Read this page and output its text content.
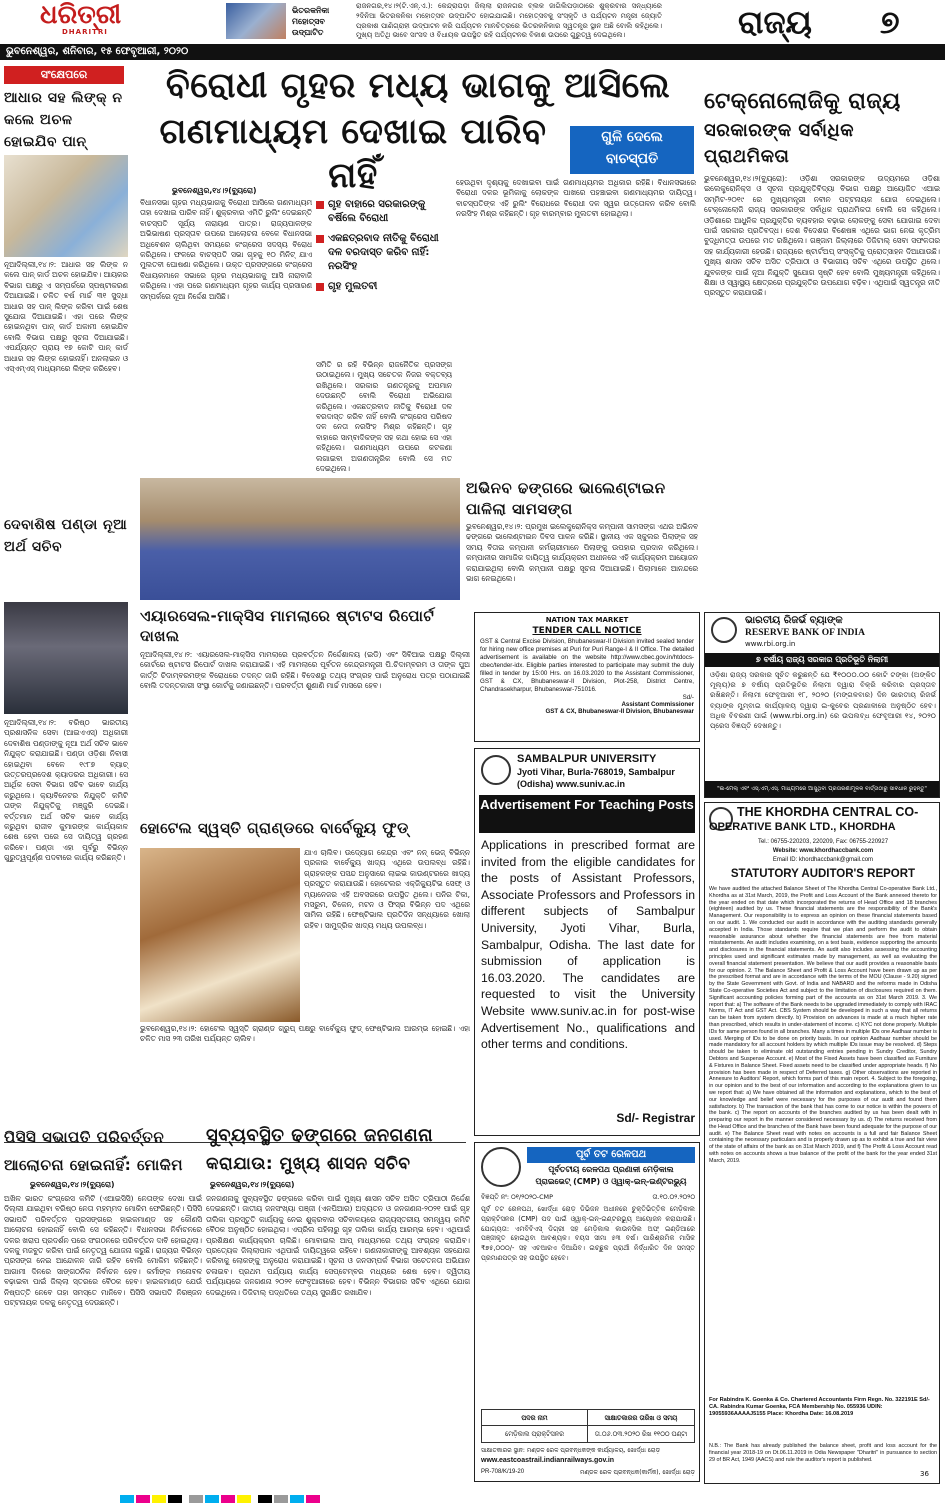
ଧରିତ୍ରୀ
DHARITRI
ଭିତରକନିକା ମହୋତ୍ସବ ଉଦ୍‌ଘାଟିତ
ରାଜନଗର,୧୪।୨(ଟି.ଏନ୍.ଏ.): କେନ୍ଦ୍ରାପଡ଼ା ଜିଲ୍ଲା ରାଜନଗର ବ୍ଲକ ଜାଗିଲିପଡ଼ାଠାରେ ଶୁକ୍ରବାର ସନ୍ଧ୍ୟାରେ ୨ଦିନିଆ ଭିତରକନିକା ମହୋତ୍ସବ ଉଦ୍‌ଘାଟିତ ହୋଇଯାଇଛି। ମହୋତ୍ସବକୁ ସଂସ୍କୃତି ଓ ପର୍ଯ୍ୟଟନ ମନ୍ତ୍ରୀ ଜ୍ୟୋତି ପ୍ରକାଶ ପାଣିଗ୍ରାହୀ ଉଦ୍‌ଘାଟନ କରି ପର୍ଯ୍ୟଟନ ମାନଚିତ୍ରରେ ଭିତରକନିକାର ସ୍ୱତନ୍ତ୍ର ସ୍ଥାନ ଅଛି ବୋଲି କହିଥିଲେ। ମୁଖ୍ୟ ଅତିଥି ଭାବେ ସାଂସଦ ଓ ବିଧାୟକ ଉପସ୍ଥିତ ରହି ପର୍ଯ୍ୟଟନର ବିକାଶ ଉପରେ ଗୁରୁତ୍ୱ ଦେଇଥିଲେ।	ରାଜ୍ୟ	୭
ଭୁବନେଶ୍ୱର, ଶନିବାର, ୧୫ ଫେବୃଆରୀ, ୨୦୨୦
ସଂକ୍ଷେପରେ
ଆଧାର ସହ ଲିଙ୍କ୍ ନ କଲେ ଅଚଳ ହୋଇଯିବ ପାନ୍
ନୂଆଦିଲ୍ଲୀ,୧୪।୨: ଆଧାର ସହ ଲିଙ୍କ ନ କଲେ ପାନ୍ କାର୍ଡ ଅଚଳ ହୋଇଯିବ। ଆୟକର ବିଭାଗ ପକ୍ଷରୁ ଏ ସମ୍ପର୍କରେ ସ୍ପଷ୍ଟୀକରଣ ଦିଆଯାଇଛି। ଚଳିତ ବର୍ଷ ମାର୍ଚ୍ଚ ୩୧ ସୁଦ୍ଧା ଆଧାର ସହ ପାନ୍ ଲିଙ୍କ କରିବା ପାଇଁ ଶେଷ ସୁଯୋଗ ଦିଆଯାଇଛି। ଏହା ପରେ ଲିଙ୍କ ହୋଇନଥିବା ପାନ୍ କାର୍ଡ ଅକାମୀ ହୋଇଯିବ ବୋଲି ବିଭାଗ ପକ୍ଷରୁ ସୂଚନା ଦିଆଯାଇଛି। ଏପର୍ଯ୍ୟନ୍ତ ପ୍ରାୟ ୧୭ କୋଟି ପାନ୍ କାର୍ଡ ଆଧାର ସହ ଲିଙ୍କ ହୋଇନାହିଁ। ଅନଲାଇନ ଓ ଏସ୍ଏମ୍ଏସ୍ ମାଧ୍ୟମରେ ଲିଙ୍କ କରିହେବ।
ଦେବାଶିଷ ପଣ୍ଡା ନୂଆ ଅର୍ଥ ସଚିବ
ନୂଆଦିଲ୍ଲୀ,୧୪।୨: ବରିଷ୍ଠ ଭାରତୀୟ ପ୍ରଶାସନିକ ସେବା (ଆଇଏଏସ୍) ଅଧିକାରୀ ଦେବାଶିଷ ପଣ୍ଡାଙ୍କୁ ନୂଆ ଅର୍ଥ ସଚିବ ଭାବେ ନିଯୁକ୍ତ କରାଯାଇଛି। ପଣ୍ଡା ଓଡ଼ିଶା ନିବାସୀ ହୋଇଥିବା ବେଳେ ୧୯୮୭ ବ୍ୟାଚ୍ ଉତ୍ତରପ୍ରଦେଶ କ୍ୟାଡରର ଅଧିକାରୀ। ସେ ଆର୍ଥିକ ସେବା ବିଭାଗ ସଚିବ ଭାବେ କାର୍ଯ୍ୟ କରୁଥିଲେ। କ୍ୟାବିନେଟର ନିଯୁକ୍ତି କମିଟି ତାଙ୍କ ନିଯୁକ୍ତିକୁ ମଞ୍ଜୁରି ଦେଇଛି। ବର୍ତ୍ତମାନ ଅର୍ଥ ସଚିବ ଭାବେ କାର୍ଯ୍ୟ କରୁଥିବା ରାଜୀବ କୁମାରଙ୍କ କାର୍ଯ୍ୟକାଳ ଶେଷ ହେବା ପରେ ସେ ଦାୟିତ୍ୱ ଗ୍ରହଣ କରିବେ। ପଣ୍ଡା ଏହା ପୂର୍ବରୁ ବିଭିନ୍ନ ଗୁରୁତ୍ୱପୂର୍ଣ୍ଣ ପଦବୀରେ କାର୍ଯ୍ୟ କରିଛନ୍ତି।
ବିରୋଧୀ ଗୃହର ମଧ୍ୟ ଭାଗକୁ ଆସିଲେ
ଗଣମାଧ୍ୟମ ଦେଖାଇ ପାରିବ ନାହିଁ
ଗୁଳି ଦେଲେ
ବାଚସ୍ପତି
ଭୁବନେଶ୍ୱର,୧୪।୨(ବ୍ୟୁରୋ)
ବିଧାନସଭା ଗୃହର ମଧ୍ୟଭାଗକୁ ବିରୋଧୀ ଆସିଲେ ଗଣମାଧ୍ୟମ ତାହା ଦେଖାଇ ପାରିବ ନାହିଁ। ଶୁକ୍ରବାର ଏମିତି ରୁଲିଂ ଦେଇଛନ୍ତି ବାଚସ୍ପତି ସୂର୍ଯ୍ୟ ନାରାୟଣ ପାତ୍ର। ରାଜ୍ୟପାଳଙ୍କ ଅଭିଭାଷଣ ପ୍ରସ୍ତାବ ଉପରେ ଆଲୋଚନା ବେଳେ ବିଧାନସଭା ଅଧିବେଶନ ଚାଲିଥିବା ସମୟରେ କଂଗ୍ରେସ ସଦସ୍ୟ ବିରୋଧ କରିଥିଲେ। ଫଳରେ ବାଚସ୍ପତି ସଭା ଗୃହକୁ ୧୦ ମିନିଟ୍ ଯାଏ ମୁଲତବୀ ଘୋଷଣା କରିଥିଲେ। ଉକ୍ତ ପ୍ରସଙ୍ଗରେ କଂଗ୍ରେସ ବିଧାୟକମାନେ ସଭାରେ ଗୃହର ମଧ୍ୟଭାଗକୁ ଆସି ନାରାବାଜି କରିଥିଲେ। ଏହା ପରେ ଗଣମାଧ୍ୟମ ଗୃହର କାର୍ଯ୍ୟ ପ୍ରସାରଣ ସମ୍ପର୍କରେ ନୂଆ ନିର୍ଦ୍ଦେଶ ଆସିଛି।
ଗୃହ ବାହାରେ ସରକାରଙ୍କୁ ବର୍ଷିଲେ ବିରୋଧୀ
ଏକଛତ୍ରବାଦ ନୀତିକୁ ବିରୋଧୀ ଦଳ ବରଦାସ୍ତ କରିବ ନାହିଁ: ନରସିଂହ
ଗୃହ ମୁଲତବୀ
ସମିତି ର ରହି ବିଭିନ୍ନ ରାଜନୈତିକ ପ୍ରସଙ୍ଗ ଉଠାଇଥିଲେ। ମୁଖ୍ୟ ସଚେତକ ନିଜର ବକ୍ତବ୍ୟ ରଖିଥିଲେ। ସରକାର ଗଣତନ୍ତ୍ରକୁ ଅପମାନ ଦେଉଛନ୍ତି ବୋଲି ବିରୋଧୀ ଅଭିଯୋଗ କରିଥିଲେ। ଏକଛତ୍ରବାଦ ନୀତିକୁ ବିରୋଧୀ ଦଳ ବରଦାସ୍ତ କରିବ ନାହିଁ ବୋଲି କଂଗ୍ରେସ ପରିଷଦ ଦଳ ନେତା ନରସିଂହ ମିଶ୍ର କହିଛନ୍ତି। ଗୃହ ବାହାରେ ସାମ୍ବାଦିକଙ୍କ ସହ କଥା ହୋଇ ସେ ଏହା କହିଥିଲେ। ଗଣମାଧ୍ୟମ ଉପରେ କଟକଣା ଲଗାଇବା ଅଗଣତାନ୍ତ୍ରିକ ବୋଲି ସେ ମତ ଦେଇଥିଲେ।
ହେଉଥିବା ଦୃଶ୍ୟକୁ ଦେଖାଇବା ପାଇଁ ଗଣମାଧ୍ୟମର ଅଧିକାର ରହିଛି। ବିଧାନସଭାରେ ବିରୋଧୀ ଦଳର ଭୂମିକାକୁ ଲୋକଙ୍କ ପାଖରେ ପହଞ୍ଚାଇବା ଗଣମାଧ୍ୟମର ଦାୟିତ୍ୱ। ବାଚସ୍ପତିଙ୍କ ଏହି ରୁଲିଂ ବିରୋଧରେ ବିରୋଧୀ ଦଳ ସ୍ୱର ଉତ୍ତୋଳନ କରିବ ବୋଲି ନରସିଂହ ମିଶ୍ର କହିଛନ୍ତି। ଗୃହ ବାରମ୍ବାର ମୁଲତବୀ ହୋଇଥିଲା।
ଅଭିନବ ଢଙ୍ଗରେ ଭାଲେଣ୍ଟାଇନ ପାଳିଲା ସାମସଙ୍ଗ
ଭୁବନେଶ୍ୱର,୧୪।୨: ପ୍ରମୁଖ ଇଲେକ୍ଟ୍ରୋନିକ୍ସ କମ୍ପାନୀ ସାମସଙ୍ଗ ଏଥର ଅଭିନବ ଢଙ୍ଗରେ ଭାଲେଣ୍ଟାଇନ ଦିବସ ପାଳନ କରିଛି। ସ୍ଥାନୀୟ ଏକ ସ୍କୁଲର ପିଲାଙ୍କ ସହ ସମୟ ବିତାଇ କମ୍ପାନୀ କର୍ମଚାରୀମାନେ ପିଲାଙ୍କୁ ଉପହାର ପ୍ରଦାନ କରିଥିଲେ। କମ୍ପାନୀର ସାମାଜିକ ଦାୟିତ୍ୱ କାର୍ଯ୍ୟକ୍ରମ ଅଧୀନରେ ଏହି କାର୍ଯ୍ୟକ୍ରମ ଆୟୋଜନ କରାଯାଇଥିଲା ବୋଲି କମ୍ପାନୀ ପକ୍ଷରୁ ସୂଚନା ଦିଆଯାଇଛି। ପିଲାମାନେ ଆନନ୍ଦରେ ଭାଗ ନେଇଥିଲେ।
ଟେକ୍ନୋଲୋଜିକୁ ରାଜ୍ୟ
ସରକାରଙ୍କ ସର୍ବାଧିକ ପ୍ରାଥମିକତା
ଭୁବନେଶ୍ୱର,୧୪।୨(ବ୍ୟୁରୋ): ଓଡ଼ିଶା ସରକାରଙ୍କ ଉଦ୍ୟମରେ ଓଡ଼ିଶା ଇଲେକ୍ଟ୍ରୋନିକ୍ସ ଓ ସୂଚନା ପ୍ରଯୁକ୍ତିବିଦ୍ୟା ବିଭାଗ ପକ୍ଷରୁ ଆୟୋଜିତ ଏଆଇ ସମ୍ମିଟ-୨୦୧୯ ରେ ମୁଖ୍ୟମନ୍ତ୍ରୀ ନବୀନ ପଟ୍ଟନାୟକ ଯୋଗ ଦେଇଥିଲେ। ଟେକ୍ନୋଲୋଜି ରାଜ୍ୟ ସରକାରଙ୍କ ସର୍ବାଧିକ ପ୍ରାଥମିକତା ବୋଲି ସେ କହିଥିଲେ। ଓଡ଼ିଶାରେ ଆଧୁନିକ ପ୍ରଯୁକ୍ତିର ବ୍ୟବହାର ବଢ଼ାଇ ଲୋକଙ୍କୁ ସେବା ଯୋଗାଇ ଦେବା ପାଇଁ ସରକାର ପ୍ରତିବଦ୍ଧ। ଦେଶ ବିଦେଶର ବିଶେଷଜ୍ଞ ଏଥିରେ ଭାଗ ନେଇ କୃତ୍ରିମ ବୁଦ୍ଧିମତ୍ତା ଉପରେ ମତ ରଖିଥିଲେ। ଗଞ୍ଜାମ ଜିଲ୍ଲାରେ ଡିଜିଟାଲ୍ ସେବା ସଫଳତାର ସହ କାର୍ଯ୍ୟକାରୀ ହେଉଛି। ରାଜ୍ୟରେ ଷ୍ଟାର୍ଟଅପ୍ ସଂସ୍କୃତିକୁ ପ୍ରୋତ୍ସାହନ ଦିଆଯାଉଛି। ମୁଖ୍ୟ ଶାସନ ସଚିବ ଅସିତ ତ୍ରିପାଠୀ ଓ ବିଭାଗୀୟ ସଚିବ ଏଥିରେ ଉପସ୍ଥିତ ଥିଲେ। ଯୁବକଙ୍କ ପାଇଁ ନୂଆ ନିଯୁକ୍ତି ସୁଯୋଗ ସୃଷ୍ଟି ହେବ ବୋଲି ମୁଖ୍ୟମନ୍ତ୍ରୀ କହିଥିଲେ। ଶିକ୍ଷା ଓ ସ୍ୱାସ୍ଥ୍ୟ କ୍ଷେତ୍ରରେ ପ୍ରଯୁକ୍ତିର ଉପଯୋଗ ବଢ଼ିବ। ଏଥିପାଇଁ ସ୍ୱତନ୍ତ୍ର ନୀତି ପ୍ରସ୍ତୁତ କରାଯାଉଛି।
ଏୟାରସେଲ-ମାକ୍ସିସ ମାମଲାରେ ଷ୍ଟାଟସ ରିପୋର୍ଟ ଦାଖଲ
ନୂଆଦିଲ୍ଲୀ,୧୪।୨: ଏୟାରସେଲ-ମାକ୍ସିସ ମାମଲାରେ ପ୍ରବର୍ତ୍ତନ ନିର୍ଦ୍ଦେଶାଳୟ (ଇଡି) ଏବଂ ସିବିଆଇ ପକ୍ଷରୁ ଦିଲ୍ଲୀ କୋର୍ଟରେ ଷ୍ଟାଟସ ରିପୋର୍ଟ ଦାଖଲ କରାଯାଇଛି। ଏହି ମାମଲାରେ ପୂର୍ବତନ କେନ୍ଦ୍ରମନ୍ତ୍ରୀ ପି.ଚିଦାମ୍ବରମ ଓ ତାଙ୍କ ପୁଅ କାର୍ତ୍ତି ଚିଦାମ୍ବରମଙ୍କ ବିରୋଧରେ ତଦନ୍ତ ଜାରି ରହିଛି। ବିଦେଶରୁ ତଥ୍ୟ ସଂଗ୍ରହ ପାଇଁ ଅନୁରୋଧ ପତ୍ର ପଠାଯାଇଛି ବୋଲି ତଦନ୍ତକାରୀ ସଂସ୍ଥା କୋର୍ଟକୁ ଜଣାଇଛନ୍ତି। ପରବର୍ତ୍ତୀ ଶୁଣାଣି ମାର୍ଚ୍ଚ ମାସରେ ହେବ।
NATION TAX MARKET
TENDER CALL NOTICE
GST & Central Excise Division, Bhubaneswar-II Division invited sealed tender for hiring new office premises at Puri for Puri Range-I & II Office. The detailed advertisement is available on the website http://www.cbec.gov.in/htdocs-cbec/tender-idx. Eligible parties interested to participate may submit the duly filled in tender by 15:00 Hrs. on 16.03.2020 to the Assistant Commissioner, GST & CX, Bhubaneswar-II Division, Plot-258, District Centre, Chandrasekharpur, Bhubaneswar-751016.
Sd/-
Assistant Commissioner
GST & CX, Bhubaneswar-II Division, Bhubaneswar
ଭାରତୀୟ ରିଜର୍ଭ ବ୍ୟାଙ୍କ
RESERVE BANK OF INDIA
www.rbi.org.in
୭ ବର୍ଷୀୟ ରାଜ୍ୟ ସରକାର ପ୍ରତିଭୂତି ନିଲାମୀ
ଓଡ଼ିଶା ରାଜ୍ୟ ସରକାର ସୂଚିତ କରୁଛନ୍ତି ଯେ ₹୧୦୦୦.୦୦ କୋଟି ଟଙ୍କା (ଅଙ୍କିତ ମୂଲ୍ୟ)ର ୭ ବର୍ଷୀୟ ପ୍ରତିଭୂତିର ନିଲାମୀ ଦ୍ୱାରା ବିକ୍ରି କରିବାର ପ୍ରସ୍ତାବ ରଖିଛନ୍ତି। ନିଲାମୀ ଫେବୃଆରୀ ୧୮, ୨୦୨୦ (ମଙ୍ଗଳବାର) ଦିନ ଭାରତୀୟ ରିଜର୍ଭ ବ୍ୟାଙ୍କ ମୁମ୍ବାଇ କାର୍ଯ୍ୟାଳୟ ଦ୍ୱାରା ଇ-କୁବେର ପ୍ରଣାଳୀରେ ଅନୁଷ୍ଠିତ ହେବ। ଅଧିକ ବିବରଣୀ ପାଇଁ (www.rbi.org.in) ରେ ଉପଲବ୍ଧ ଫେବୃଆରୀ ୧୪, ୨୦୨୦ ପ୍ରେସ ବିଜ୍ଞପ୍ତି ଦେଖନ୍ତୁ।
"ଇ-ମେଲ୍ ଏବଂ ଏସ୍.ଏମ୍.ଏସ୍. ମାଧ୍ୟମରେ ଆସୁଥିବା ପ୍ରତାରଣାମୂଳକ ବାର୍ତ୍ତାଠାରୁ ସାବଧାନ ରୁହନ୍ତୁ"
SAMBALPUR UNIVERSITY
Jyoti Vihar, Burla-768019, Sambalpur
(Odisha) www.suniv.ac.in
Advertisement For Teaching Posts
Applications in prescribed format are invited from the eligible candidates for the posts of Assistant Professors, Associate Professors and Professors in different subjects of Sambalpur University, Jyoti Vihar, Burla, Sambalpur, Odisha. The last date for submission of application is 16.03.2020. The candidates are requested to visit the University Website www.suniv.ac.in for post-wise Advertisement No., qualifications and other terms and conditions.
Sd/- Registrar
THE KHORDHA CENTRAL CO-
OPERATIVE BANK LTD., KHORDHA
Tel.: 06755-220203, 220209, Fax: 06755-220927
Website: www.khordhaccbank.com
Email ID: khordhaccbank@gmail.com
STATUTORY AUDITOR'S REPORT
We have audited the attached Balance Sheet of The Khordha Central Co-operative Bank Ltd., Khordha as at 31st March, 2019, the Profit and Loss Account of the Bank annexed thereto for the year ended on that date which incorporated the returns of Head Office and 18 branches (eighteen) audited by us. These financial statements are the responsibility of the Bank's Management. Our responsibility is to express an opinion on these financial statements based on our audit. 1. We conducted our audit in accordance with the auditing standards generally accepted in India. Those standards require that we plan and perform the audit to obtain reasonable assurance about whether the financial statements are free from material misstatements. An audit includes examining, on a test basis, evidence supporting the amounts and disclosures in the financial statements. An audit also includes assessing the accounting principles used and significant estimates made by management, as well as evaluating the overall financial statement presentation. We believe that our audit provides a reasonable basis for our opinion. 2. The Balance Sheet and Profit & Loss Account have been drawn up as per the prescribed format and are in accordance with the terms of the MOU (Clause - 9.20) signed by the State Government with Govt. of India and NABARD and the reforms made in Odisha State Co-operative Societies Act and subject to the limitation of disclosures required on them. Significant accounting policies forming part of the accounts as on 31st March 2019. 3. We report that: a) The software of the Bank needs to be upgraded immediately to comply with IRAC Norms, IT Act and GST Act. CBS System should be developed in such a way that all returns can be taken from system directly. b) Provision on advances is made at a much higher rate than prescribed, which results in under-statement of income. c) KYC not done properly. Multiple IDs for same person found in all branches. Many a times in multiple IDs one Aadhaar number is used. Merging of IDs to be done on priority basis. In our opinion Aadhaar number should be made mandatory for all account holders by which multiple IDs issue may be resolved. d) Steps should be taken to eliminate old outstanding entries pending in Sundry Creditor, Sundry Debtors and Suspense Account. e) Most of the Fixed Assets have been classified as Furniture & Fixtures in Balance Sheet. Fixed assets need to be classified under appropriate heads. f) No provision has been made in respect of Deferred taxes. g) Other observations are reported in Annexure to Auditors' Report, which forms part of this main report. 4. Subject to the foregoing, in our opinion and to the best of our information and according to the explanations given to us we report that: a) We have obtained all the information and explanations, which to the best of our knowledge and belief were necessary for the purposes of our audit and found them satisfactory. b) The transaction of the bank that has come to our notice is within the powers of the bank. c) The report on accounts of the branches audited by us has been dealt with in preparing our report in the manner considered necessary by us. d) The returns received from the Head Office and the branches of the Bank have been found adequate for the purpose of our audit. e) The Balance Sheet read with notes on accounts is a full and fair Balance Sheet containing the necessary particulars and is properly drawn up as to exhibit a true and fair view of the state of affairs of the bank as on 31st March 2019, and f) The Profit & Loss Account read with notes on accounts shows a true balance of the profit of the bank for the year ended 31st March, 2019.
For Rabindra K. Goenka & Co. Chartered Accountants Firm Regn. No. 322191E Sd/- CA. Rabindra Kumar Goenka, FCA Membership No. 055936 UDIN: 19055936AAAAJ5155 Place: Khordha Date: 16.08.2019
N.B.: The Bank has already published the balance sheet, profit and loss account for the financial year 2018-19 on Dt.06.11.2019 in Odia Newspaper "Dharitri" in pursuance to section 29 of BR Act, 1949 (AACS) and rule the auditor's report is published.
ହୋଟେଲ ସ୍ୱସ୍ତି ଗ୍ରାଣ୍ଡରେ ବାର୍ବେକ୍ୟୁ ଫୁଡ୍
ଭୁବନେଶ୍ୱର,୧୪।୨: ହୋଟେଲ ସ୍ୱସ୍ତି ଗ୍ରାଣ୍ଡ ଗ୍ରୁପ୍ ପକ୍ଷରୁ ବାର୍ବେକ୍ୟୁ ଫୁଡ୍ ଫେଷ୍ଟିଭାଲ ଆରମ୍ଭ ହୋଇଛି। ଏହା ଚଳିତ ମାସ ୨୩ ତାରିଖ ପର୍ଯ୍ୟନ୍ତ ଚାଲିବ।
ଯାଏ ଚାଲିବ। ଉଦ୍ୟୋଗ କେନ୍ଦ୍ର ଏବଂ ନନ୍ ଭେଜ୍ ବିଭିନ୍ନ ପ୍ରକାର ବାର୍ବେକ୍ୟୁ ଖାଦ୍ୟ ଏଥିରେ ଉପଲବ୍ଧ ରହିଛି। ଗ୍ରାହକଙ୍କ ପସନ୍ଦ ଅନୁସାରେ ଲାଇଭ କାଉଣ୍ଟରରେ ଖାଦ୍ୟ ପ୍ରସ୍ତୁତ କରାଯାଉଛି। ହୋଟେଲର ଏକ୍ଜିକ୍ୟୁଟିଭ ସେଫ୍ ଓ ମ୍ୟାନେଜର ଏହି ଅବସରରେ ଉପସ୍ଥିତ ଥିଲେ। ପନିର ଟିକା, ମସରୁମ, ଚିକେନ, ମଟନ ଓ ଫିସ୍‌ର ବିଭିନ୍ନ ପଦ ଏଥିରେ ସାମିଲ ରହିଛି। ଫେଷ୍ଟିଭାଲ ପ୍ରତିଦିନ ସନ୍ଧ୍ୟାରେ ଖୋଲା ରହିବ। ସାମୁଦ୍ରିକ ଖାଦ୍ୟ ମଧ୍ୟ ଉପଲବ୍ଧ।
ପିସିସି ସଭାପତି ପରିବର୍ତ୍ତନ
ଆଲୋଚନା ହୋଇନାହିଁ: ମୋକିମ
ଭୁବନେଶ୍ୱର,୧୪।୨(ବ୍ୟୁରୋ)
ଅଖିଳ ଭାରତ କଂଗ୍ରେସ କମିଟି (ଏଆଇସିସି) ନେତାଙ୍କ ଦେଖା ପାଇଁ ଦିଲ୍ଲୀ ଯାଇଥିବା ବରିଷ୍ଠ ନେତା ମହମ୍ମଦ ମୋକିମ ଫେରିଛନ୍ତି। ପିସିସି ସଭାପତି ପରିବର୍ତ୍ତନ ପ୍ରସଙ୍ଗରେ ହାଇକମାଣ୍ଡ ସହ କୌଣସି ଆଲୋଚନା ହୋଇନାହିଁ ବୋଲି ସେ କହିଛନ୍ତି। ବିଧାନସଭା ନିର୍ବାଚନରେ ଦଳର ଖରାପ ପ୍ରଦର୍ଶନ ପରେ ସଂଗଠନରେ ପରିବର୍ତ୍ତନ ଦାବି ହୋଇଥିଲା। ଦଳକୁ ମଜବୁତ କରିବା ପାଇଁ ନେତୃତ୍ୱ ଯୋଜନା କରୁଛି। ରାଜ୍ୟର ବିଭିନ୍ନ ପ୍ରସଙ୍ଗ ନେଇ ଆନ୍ଦୋଳନ ଜାରି ରହିବ ବୋଲି ମୋକିମ କହିଛନ୍ତି। ଆଗାମୀ ଦିନରେ ସାଙ୍ଗଠନିକ ନିର୍ବାଚନ ହେବ। କର୍ମୀଙ୍କ ମନୋବଳ ବଢ଼ାଇବା ପାଇଁ ଜିଲ୍ଲା ସ୍ତରରେ ବୈଠକ ହେବ। ହାଇକମାଣ୍ଡ ଯେଉଁ ନିଷ୍ପତ୍ତି ନେବେ ତାହା ସମସ୍ତେ ମାନିବେ। ପିସିସି ସଭାପତି ନିରଞ୍ଜନ ପଟ୍ଟନାୟକ ଦଳକୁ ନେତୃତ୍ୱ ଦେଉଛନ୍ତି।
ସୁବ୍ୟବସ୍ଥିତ ଢଙ୍ଗରେ ଜନଗଣନା
କରାଯାଉ: ମୁଖ୍ୟ ଶାସନ ସଚିବ
ଭୁବନେଶ୍ୱର,୧୪।୨(ବ୍ୟୁରୋ)
ଜନଗଣନାକୁ ସୁବ୍ୟବସ୍ଥିତ ଢଙ୍ଗରେ କରିବା ପାଇଁ ମୁଖ୍ୟ ଶାସନ ସଚିବ ଅସିତ ତ୍ରିପାଠୀ ନିର୍ଦ୍ଦେଶ ଦେଇଛନ୍ତି। ଜାତୀୟ ଜନସଂଖ୍ୟା ପଞ୍ଜୀ (ଏନପିଆର) ଅଦ୍ୟତନ ଓ ଜନଗଣନା-୨୦୨୧ ପାଇଁ ଗୃହ ତାଲିକା ପ୍ରସ୍ତୁତି କାର୍ଯ୍ୟକୁ ନେଇ ଶୁକ୍ରବାର ସଚିବାଳୟରେ ରାଜ୍ୟସ୍ତରୀୟ ସମନ୍ୱୟ କମିଟି ବୈଠକ ଅନୁଷ୍ଠିତ ହୋଇଥିଲା। ଏପ୍ରିଲ ପହିଲାରୁ ଗୃହ ତାଲିକା କାର୍ଯ୍ୟ ଆରମ୍ଭ ହେବ। ଏଥିପାଇଁ ପ୍ରଶିକ୍ଷଣ କାର୍ଯ୍ୟକ୍ରମ ଚାଲିଛି। ମୋବାଇଲ ଆପ୍ ମାଧ୍ୟମରେ ତଥ୍ୟ ସଂଗ୍ରହ କରାଯିବ। ପ୍ରତ୍ୟେକ ଜିଲ୍ଲାପାଳ ଏଥିପାଇଁ ଦାୟିତ୍ୱରେ ରହିବେ। ଗଣନାକାରୀଙ୍କୁ ଆବଶ୍ୟକ ସହଯୋଗ କରିବାକୁ ଲୋକଙ୍କୁ ଅନୁରୋଧ କରାଯାଇଛି। ସୂଚନା ଓ ଜନସମ୍ପର୍କ ବିଭାଗ ସଚେତନତା ଅଭିଯାନ ଚଳାଇବ। ପ୍ରଥମ ପର୍ଯ୍ୟାୟ କାର୍ଯ୍ୟ ସେପ୍ଟେମ୍ବର ମଧ୍ୟରେ ଶେଷ ହେବ। ଦ୍ୱିତୀୟ ପର୍ଯ୍ୟାୟରେ ଜନଗଣନା ୨୦୨୧ ଫେବୃଆରୀରେ ହେବ। ବିଭିନ୍ନ ବିଭାଗର ସଚିବ ଏଥିରେ ଯୋଗ ଦେଇଥିଲେ। ଡିଜିଟାଲ୍ ପଦ୍ଧତିରେ ତଥ୍ୟ ସୁରକ୍ଷିତ ରଖାଯିବ।
ପୂର୍ବ ତଟ ରେଳପଥ
ପୂର୍ବତଟୀୟ ରେଳପଥ ପ୍ରଣାଳୀ ମେଡ଼ିକାଲ
ପ୍ରାଇଭେଟ୍ (CMP) ଓ ଓ୍ୱାକ୍-ଇନ୍-ଇଣ୍ଟରଭ୍ୟୁ
ବିଜ୍ଞପ୍ତି ନଂ: ୦୧/୨୦୨୦-CMP	ତା.୧୦.୦୨.୨୦୨୦
ପୂର୍ବ ତଟ ରେଳପଥ, ଖୋର୍ଦ୍ଧା ରୋଡ଼ ଡିଭିଜନ ଅଧୀନରେ ଚୁକ୍ତିଭିତ୍ତିକ ମେଡ଼ିକାଲ ପ୍ରାକ୍ଟିସନର (CMP) ପଦ ପାଇଁ ଓ୍ୱାକ୍-ଇନ୍-ଇଣ୍ଟରଭ୍ୟୁ ଆୟୋଜନ କରାଯାଉଛି। ଯୋଗ୍ୟତା: ଏମବିବିଏସ୍ ଡିଗ୍ରୀ ସହ ମେଡ଼ିକାଲ କାଉନସିଲ ଅଫ୍ ଇଣ୍ଡିଆରେ ପଞ୍ଜୀକୃତ ହୋଇଥିବା ଆବଶ୍ୟକ। ବୟସ ସୀମା ୫୩ ବର୍ଷ। ପାରିଶ୍ରମିକ ମାସିକ ₹୭୫,୦୦୦/- ସହ ଏଚଆରଏ ଦିଆଯିବ। ଇଚ୍ଛୁକ ପ୍ରାର୍ଥୀ ନିର୍ଦ୍ଧାରିତ ଦିନ ସମସ୍ତ ପ୍ରମାଣପତ୍ର ସହ ଉପସ୍ଥିତ ହେବେ।
ପଦର ନାମ	ସାକ୍ଷାତକାରର ତାରିଖ ଓ ସମୟ
ମେଡ଼ିକାଲ ପ୍ରାକ୍ଟିସନର	ତା.୦୬.୦୩.୨୦୨୦ ରିଖ ୧୧୦୦ ଘଣ୍ଟା
ସାକ୍ଷାତକାରର ସ୍ଥାନ: ମଣ୍ଡଳ ରେଳ ପ୍ରବନ୍ଧକଙ୍କ କାର୍ଯ୍ୟାଳୟ, ଖୋର୍ଦ୍ଧା ରୋଡ଼
www.eastcoastrail.indianrailways.gov.in
PR-708/K/19-20	ମଣ୍ଡଳ ରେଳ ପ୍ରବନ୍ଧକ(କାର୍ମିକ), ଖୋର୍ଦ୍ଧା ରୋଡ଼
	36
